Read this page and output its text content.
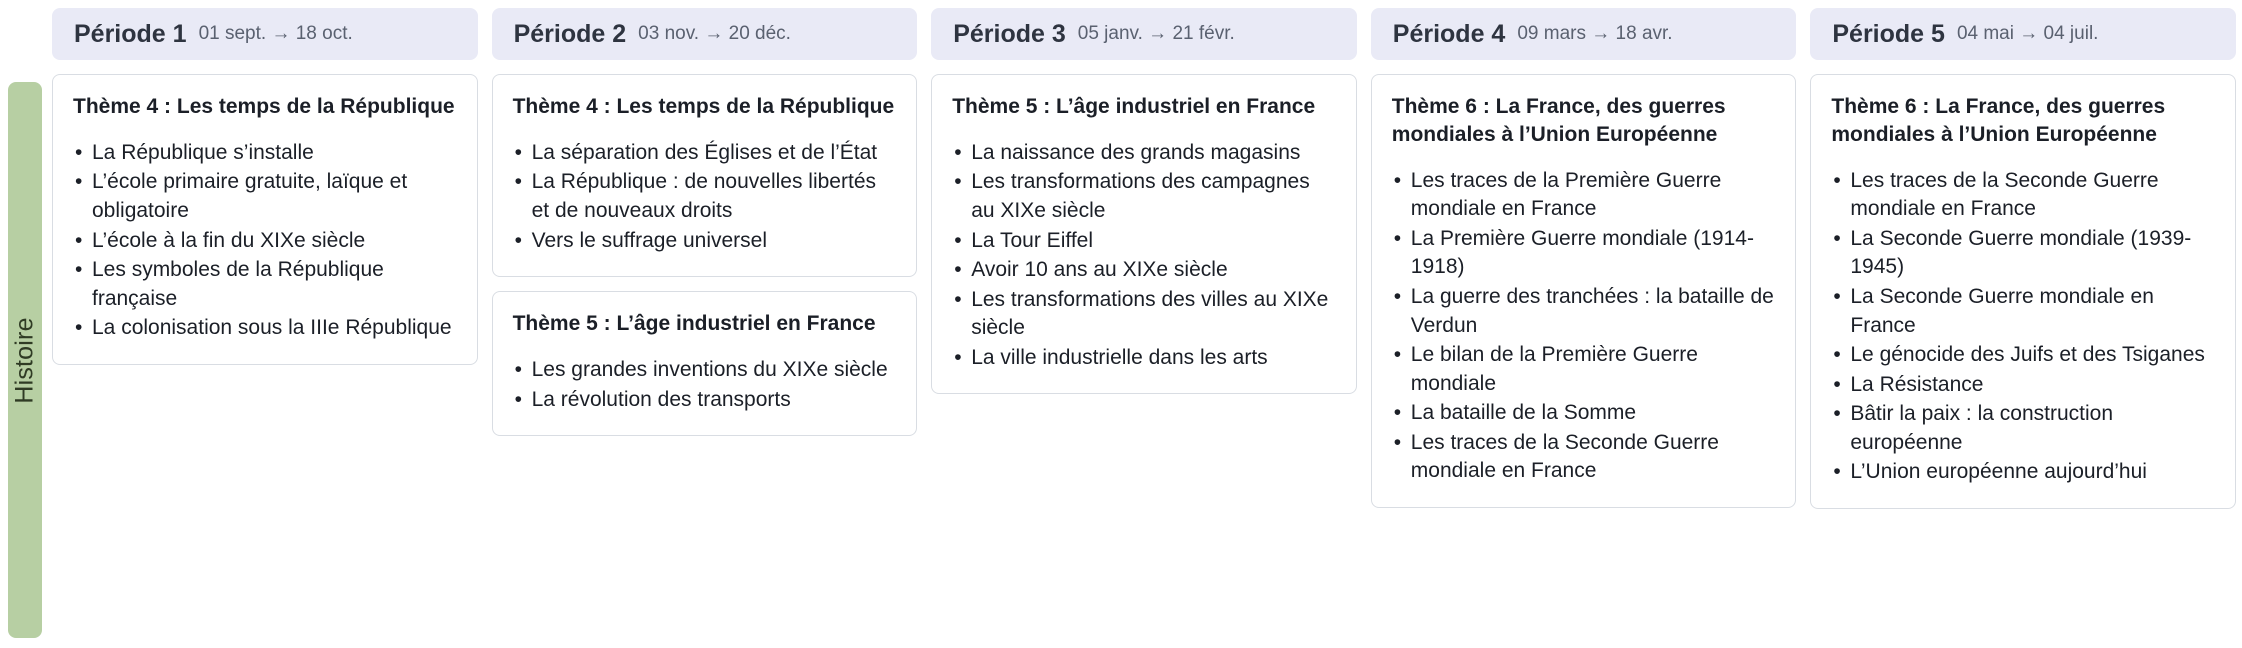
Histoire
Période 1 01 sept. → 18 oct.
Thème 4 : Les temps de la République
• La République s’installe
• L’école primaire gratuite, laïque et obligatoire
• L’école à la fin du XIXe siècle
• Les symboles de la République française
• La colonisation sous la IIIe République
Période 2 03 nov. → 20 déc.
Thème 4 : Les temps de la République
• La séparation des Églises et de l’État
• La République : de nouvelles libertés et de nouveaux droits
• Vers le suffrage universel
Thème 5 : L’âge industriel en France
• Les grandes inventions du XIXe siècle
• La révolution des transports
Période 3 05 janv. → 21 févr.
Thème 5 : L’âge industriel en France
• La naissance des grands magasins
• Les transformations des campagnes au XIXe siècle
• La Tour Eiffel
• Avoir 10 ans au XIXe siècle
• Les transformations des villes au XIXe siècle
• La ville industrielle dans les arts
Période 4 09 mars → 18 avr.
Thème 6 : La France, des guerres mondiales à l’Union Européenne
• Les traces de la Première Guerre mondiale en France
• La Première Guerre mondiale (1914-1918)
• La guerre des tranchées : la bataille de Verdun
• Le bilan de la Première Guerre mondiale
• La bataille de la Somme
• Les traces de la Seconde Guerre mondiale en France
Période 5 04 mai → 04 juil.
Thème 6 : La France, des guerres mondiales à l’Union Européenne
• Les traces de la Seconde Guerre mondiale en France
• La Seconde Guerre mondiale (1939-1945)
• La Seconde Guerre mondiale en France
• Le génocide des Juifs et des Tsiganes
• La Résistance
• Bâtir la paix : la construction européenne
• L’Union européenne aujourd’hui
